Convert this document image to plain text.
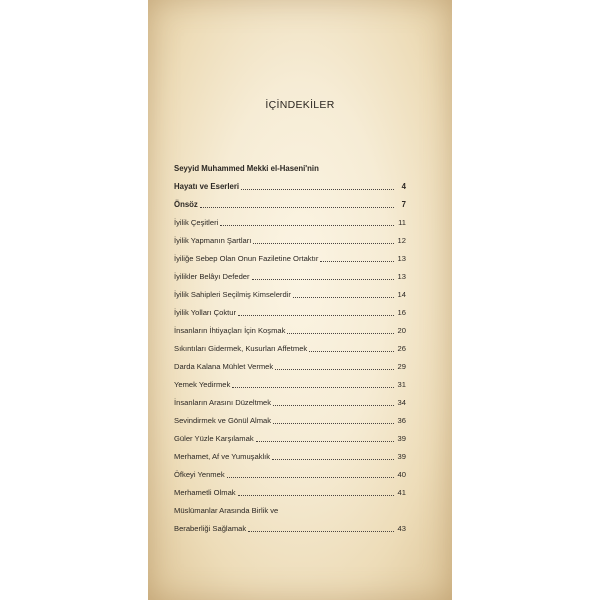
İÇİNDEKİLER
Seyyid Muhammed Mekki el-Haseni'nin
Hayatı ve Eserleri	4
Önsöz	7
İyilik Çeşitleri	11
İyilik Yapmanın Şartları	12
İyiliğe Sebep Olan Onun Faziletine Ortaktır	13
İyilikler Belâyı Defeder	13
İyilik Sahipleri Seçilmiş Kimselerdir	14
İyilik Yolları Çoktur	16
İnsanların İhtiyaçları İçin Koşmak	20
Sıkıntıları Gidermek, Kusurları Affetmek	26
Darda Kalana Mühlet Vermek	29
Yemek Yedirmek	31
İnsanların Arasını Düzeltmek	34
Sevindirmek ve Gönül Almak	36
Güler Yüzle Karşılamak	39
Merhamet, Af ve Yumuşaklık	39
Öfkeyi Yenmek	40
Merhametli Olmak	41
Müslümanlar Arasında Birlik ve
Beraberliği Sağlamak	43
